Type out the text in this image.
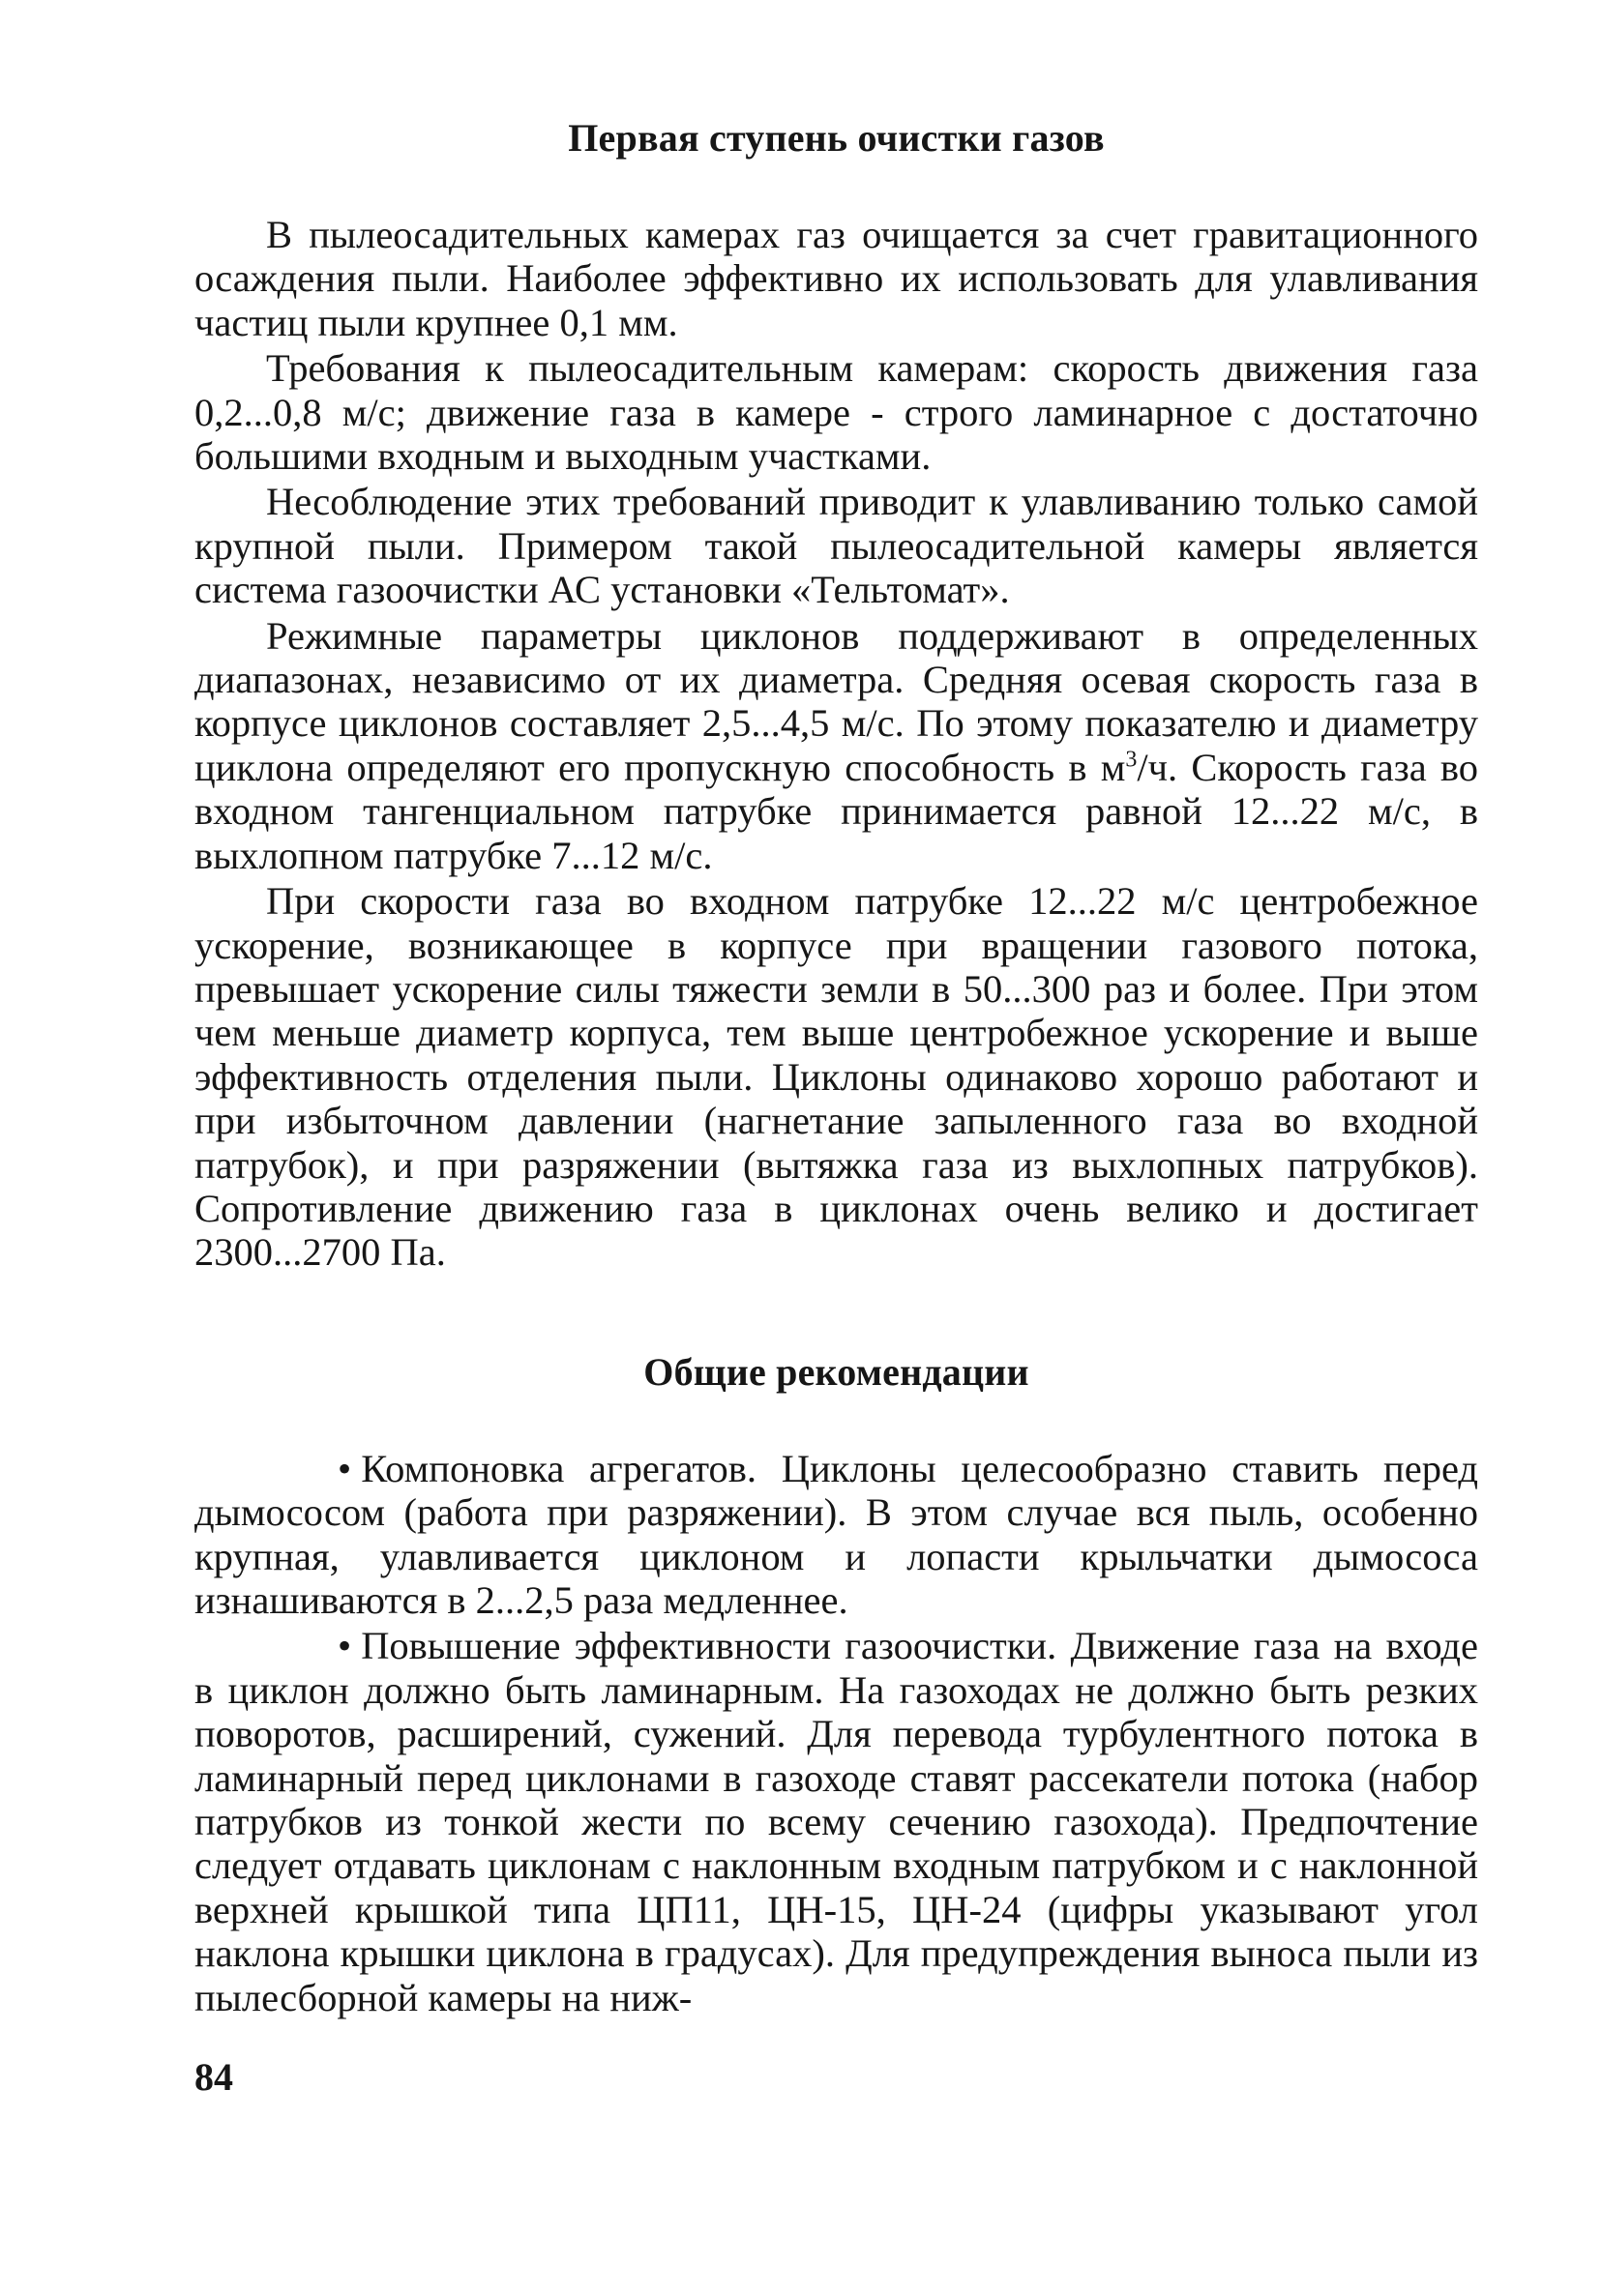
Первая ступень очистки газов

В пылеосадительных камерах газ очищается за счет гравитационного осаждения пыли. Наиболее эффективно их использовать для улавливания частиц пыли крупнее 0,1 мм.

Требования к пылеосадительным камерам: скорость движения газа 0,2...0,8 м/с; движение газа в камере - строго ламинарное с достаточно большими входным и выходным участками.

Несоблюдение этих требований приводит к улавливанию только самой крупной пыли. Примером такой пылеосадительной камеры является система газоочистки АС установки «Тельтомат».

Режимные параметры циклонов поддерживают в определенных диапазонах, независимо от их диаметра. Средняя осевая скорость газа в корпусе циклонов составляет 2,5...4,5 м/с. По этому показателю и диаметру циклона определяют его пропускную способность в $м^3/ч$. Скорость газа во входном тангенциальном патрубке принимается равной 12...22 м/с, в выхлопном патрубке 7...12 м/с.

При скорости газа во входном патрубке 12...22 м/с центробежное ускорение, возникающее в корпусе при вращении газового потока, превышает ускорение силы тяжести земли в 50...300 раз и более. При этом чем меньше диаметр корпуса, тем выше центробежное ускорение и выше эффективность отделения пыли. Циклоны одинаково хорошо работают и при избыточном давлении (нагнетание запыленного газа во входной патрубок), и при разряжении (вытяжка газа из выхлопных патрубков). Сопротивление движению газа в циклонах очень велико и достигает 2300...2700 Па.

Общие рекомендации

• Компоновка агрегатов. Циклоны целесообразно ставить перед дымососом (работа при разряжении). В этом случае вся пыль, особенно крупная, улавливается циклоном и лопасти крыльчатки дымососа изнашиваются в 2...2,5 раза медленнее.

• Повышение эффективности газоочистки. Движение газа на входе в циклон должно быть ламинарным. На газоходах не должно быть резких поворотов, расширений, сужений. Для перевода турбулентного потока в ламинарный перед циклонами в газоходе ставят рассекатели потока (набор патрубков из тонкой жести по всему сечению газохода). Предпочтение следует отдавать циклонам с наклонным входным патрубком и с наклонной верхней крышкой типа ЦП11, ЦН-15, ЦН-24 (цифры указывают угол наклона крышки циклона в градусах). Для предупреждения выноса пыли из пылесборной камеры на ниж-

84
